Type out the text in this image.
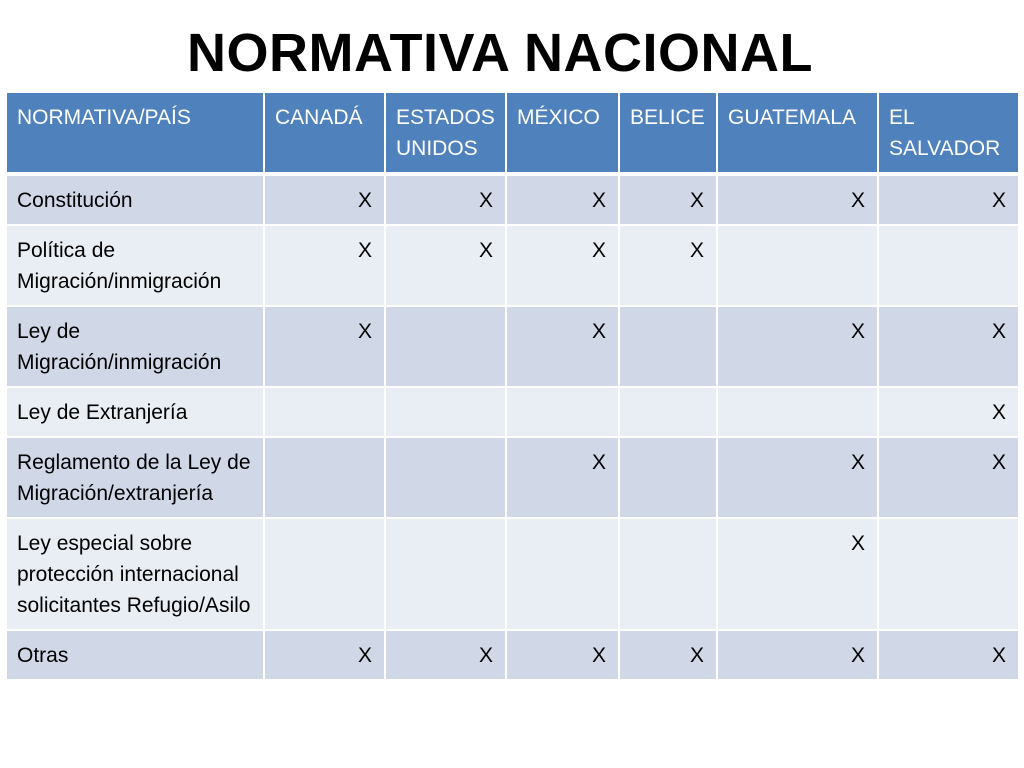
NORMATIVA NACIONAL
NORMATIVA/PAÍS	CANADÁ	ESTADOS UNIDOS	MÉXICO	BELICE	GUATEMALA	EL SALVADOR
Constitución	X	X	X	X	X	X
Política de Migración/inmigración	X	X	X	X		
Ley de Migración/inmigración	X		X		X	X
Ley de Extranjería						X
Reglamento de la Ley de Migración/extranjería			X		X	X
Ley especial sobre protección internacional solicitantes Refugio/Asilo					X	
Otras	X	X	X	X	X	X
